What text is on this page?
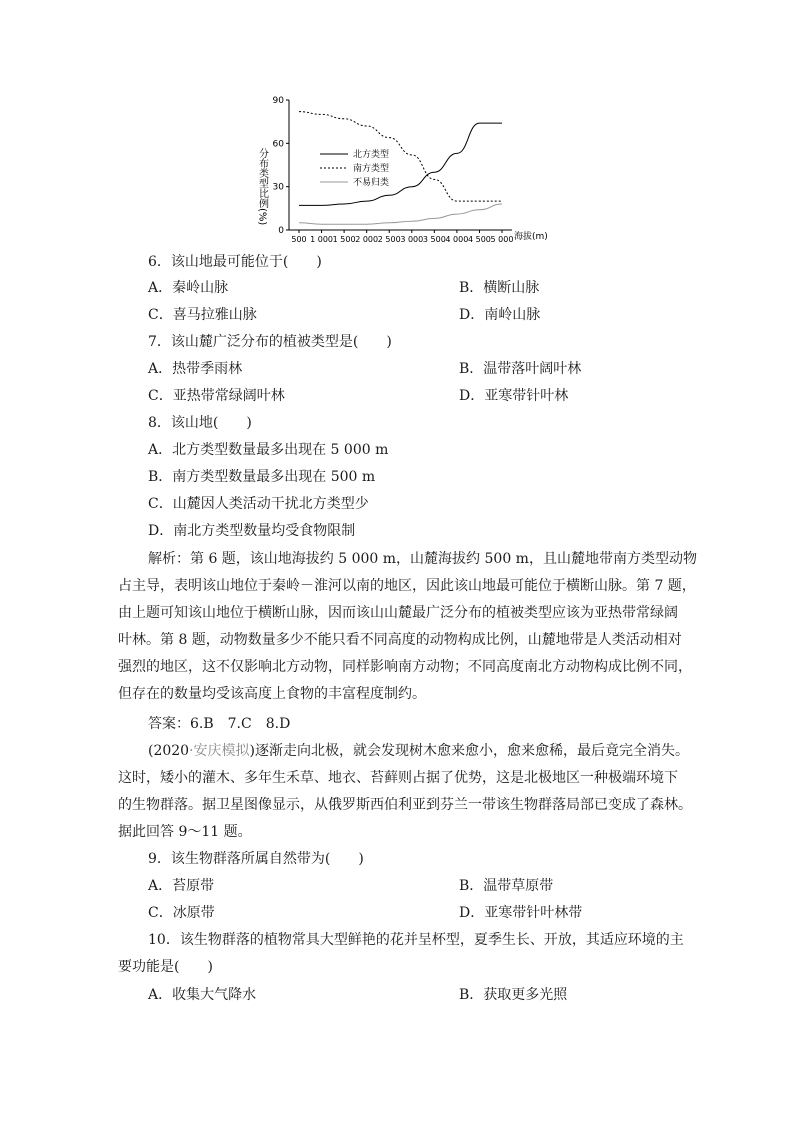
0
30
60
90
500 1 000 1 500 2 000 2 500 3 000 3 500 4 000 4 500 5 000
分布类型比例(%)
海拔(m)
北方类型
南方类型
不易归类
6．该山地最可能位于(　　)
A．秦岭山脉	B．横断山脉
C．喜马拉雅山脉	D．南岭山脉
7．该山麓广泛分布的植被类型是(　　)
A．热带季雨林	B．温带落叶阔叶林
C．亚热带常绿阔叶林	D．亚寒带针叶林
8．该山地(　　)
A．北方类型数量最多出现在 5 000 m
B．南方类型数量最多出现在 500 m
C．山麓因人类活动干扰北方类型少
D．南北方类型数量均受食物限制
解析：第 6 题，该山地海拔约 5 000 m，山麓海拔约 500 m，且山麓地带南方类型动物
占主导，表明该山地位于秦岭－淮河以南的地区，因此该山地最可能位于横断山脉。第 7 题，
由上题可知该山地位于横断山脉，因而该山山麓最广泛分布的植被类型应该为亚热带常绿阔
叶林。第 8 题，动物数量多少不能只看不同高度的动物构成比例，山麓地带是人类活动相对
强烈的地区，这不仅影响北方动物，同样影响南方动物；不同高度南北方动物构成比例不同，
但存在的数量均受该高度上食物的丰富程度制约。
答案：6.B　7.C　8.D
(2020·安庆模拟)逐渐走向北极，就会发现树木愈来愈小，愈来愈稀，最后竟完全消失。
这时，矮小的灌木、多年生禾草、地衣、苔藓则占据了优势，这是北极地区一种极端环境下
的生物群落。据卫星图像显示，从俄罗斯西伯利亚到芬兰一带该生物群落局部已变成了森林。
据此回答 9～11 题。
9．该生物群落所属自然带为(　　)
A．苔原带	B．温带草原带
C．冰原带	D．亚寒带针叶林带
10．该生物群落的植物常具大型鲜艳的花并呈杯型，夏季生长、开放，其适应环境的主
要功能是(　　)
A．收集大气降水	B．获取更多光照
